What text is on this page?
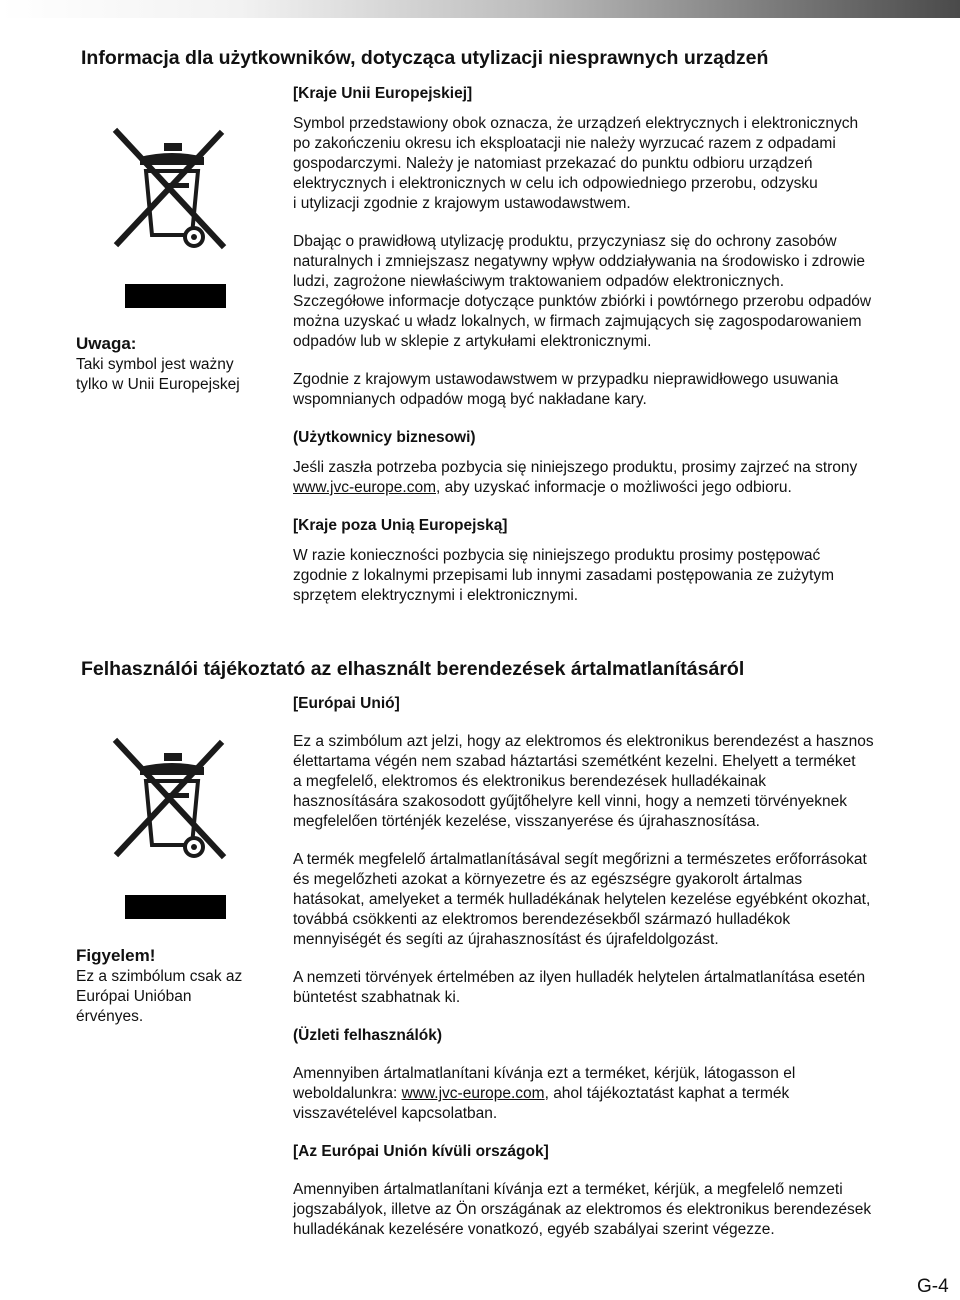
Informacja dla użytkowników, dotycząca utylizacji niesprawnych urządzeń
Uwaga:
Taki symbol jest ważny
tylko w Unii Europejskej
[Kraje Unii Europejskiej]

Symbol przedstawiony obok oznacza, że urządzeń elektrycznych i elektronicznych

po zakończeniu okresu ich eksploatacji nie należy wyrzucać razem z odpadami

gospodarczymi. Należy je natomiast przekazać do punktu odbioru urządzeń

elektrycznych i elektronicznych w celu ich odpowiedniego przerobu, odzysku

i utylizacji zgodnie z krajowym ustawodawstwem.

Dbając o prawidłową utylizację produktu, przyczyniasz się do ochrony zasobów

naturalnych i zmniejszasz negatywny wpływ oddziaływania na środowisko i zdrowie

ludzi, zagrożone niewłaściwym traktowaniem odpadów elektronicznych.

Szczegółowe informacje dotyczące punktów zbiórki i powtórnego przerobu odpadów

można uzyskać u władz lokalnych, w firmach zajmujących się zagospodarowaniem

odpadów lub w sklepie z artykułami elektronicznymi.

Zgodnie z krajowym ustawodawstwem w przypadku nieprawidłowego usuwania

wspomnianych odpadów mogą być nakładane kary.

(Użytkownicy biznesowi)

Jeśli zaszła potrzeba pozbycia się niniejszego produktu, prosimy zajrzeć na strony

www.jvc-europe.com, aby uzyskać informacje o możliwości jego odbioru.

[Kraje poza Unią Europejską]

W razie konieczności pozbycia się niniejszego produktu prosimy postępować

zgodnie z lokalnymi przepisami lub innymi zasadami postępowania ze zużytym

sprzętem elektrycznymi i elektronicznymi.

Felhasználói tájékoztató az elhasznált berendezések ártalmatlanításáról
Figyelem!
Ez a szimbólum csak az
Európai Unióban
érvényes.
[Európai Unió]

Ez a szimbólum azt jelzi, hogy az elektromos és elektronikus berendezést a hasznos

élettartama végén nem szabad háztartási szemétként kezelni. Ehelyett a terméket

a megfelelő, elektromos és elektronikus berendezések hulladékainak

hasznosítására szakosodott gyűjtőhelyre kell vinni, hogy a nemzeti törvényeknek

megfelelően történjék kezelése, visszanyerése és újrahasznosítása.

A termék megfelelő ártalmatlanításával segít megőrizni a természetes erőforrásokat

és megelőzheti azokat a környezetre és az egészségre gyakorolt ártalmas

hatásokat, amelyeket a termék hulladékának helytelen kezelése egyébként okozhat,

továbbá csökkenti az elektromos berendezésekből származó hulladékok

mennyiségét és segíti az újrahasznosítást és újrafeldolgozást.

A nemzeti törvények értelmében az ilyen hulladék helytelen ártalmatlanítása esetén

büntetést szabhatnak ki.

(Üzleti felhasználók)

Amennyiben ártalmatlanítani kívánja ezt a terméket, kérjük, látogasson el

weboldalunkra: www.jvc-europe.com, ahol tájékoztatást kaphat a termék

visszavételével kapcsolatban.

[Az Európai Unión kívüli országok]

Amennyiben ártalmatlanítani kívánja ezt a terméket, kérjük, a megfelelő nemzeti

jogszabályok, illetve az Ön országának az elektromos és elektronikus berendezések

hulladékának kezelésére vonatkozó, egyéb szabályai szerint végezze.

G-4
